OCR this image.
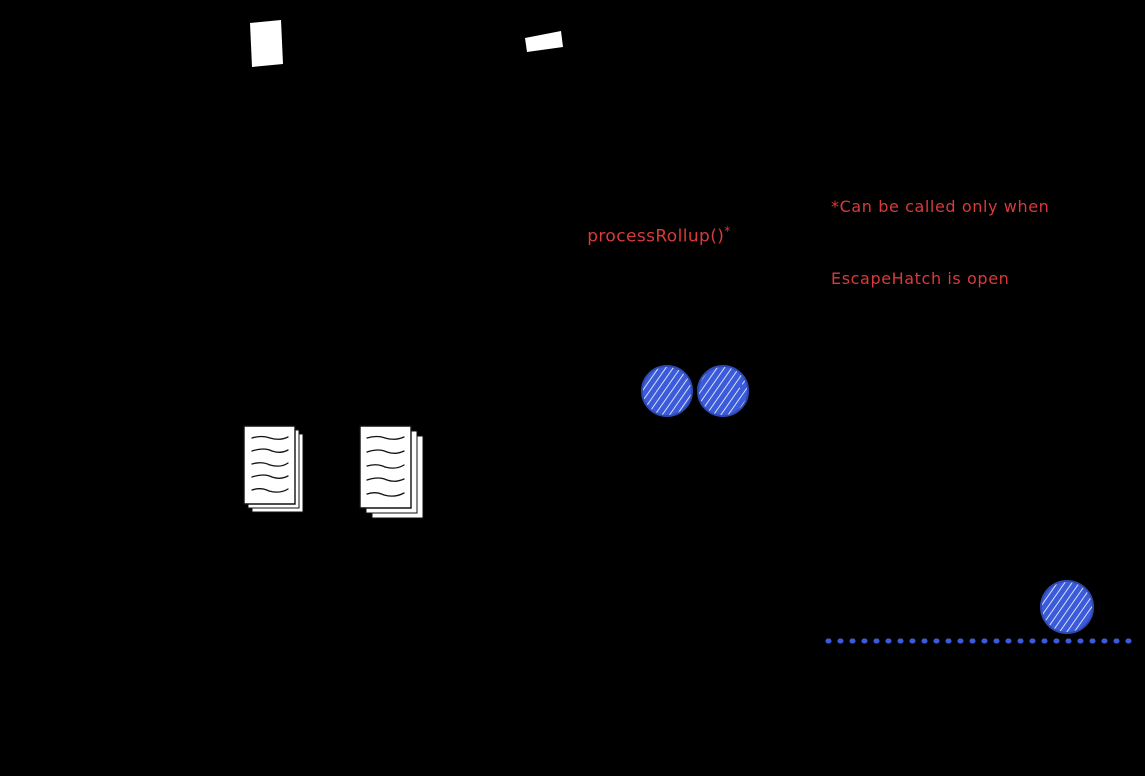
*Can be called only when

EscapeHatch is open

processRollup()*
